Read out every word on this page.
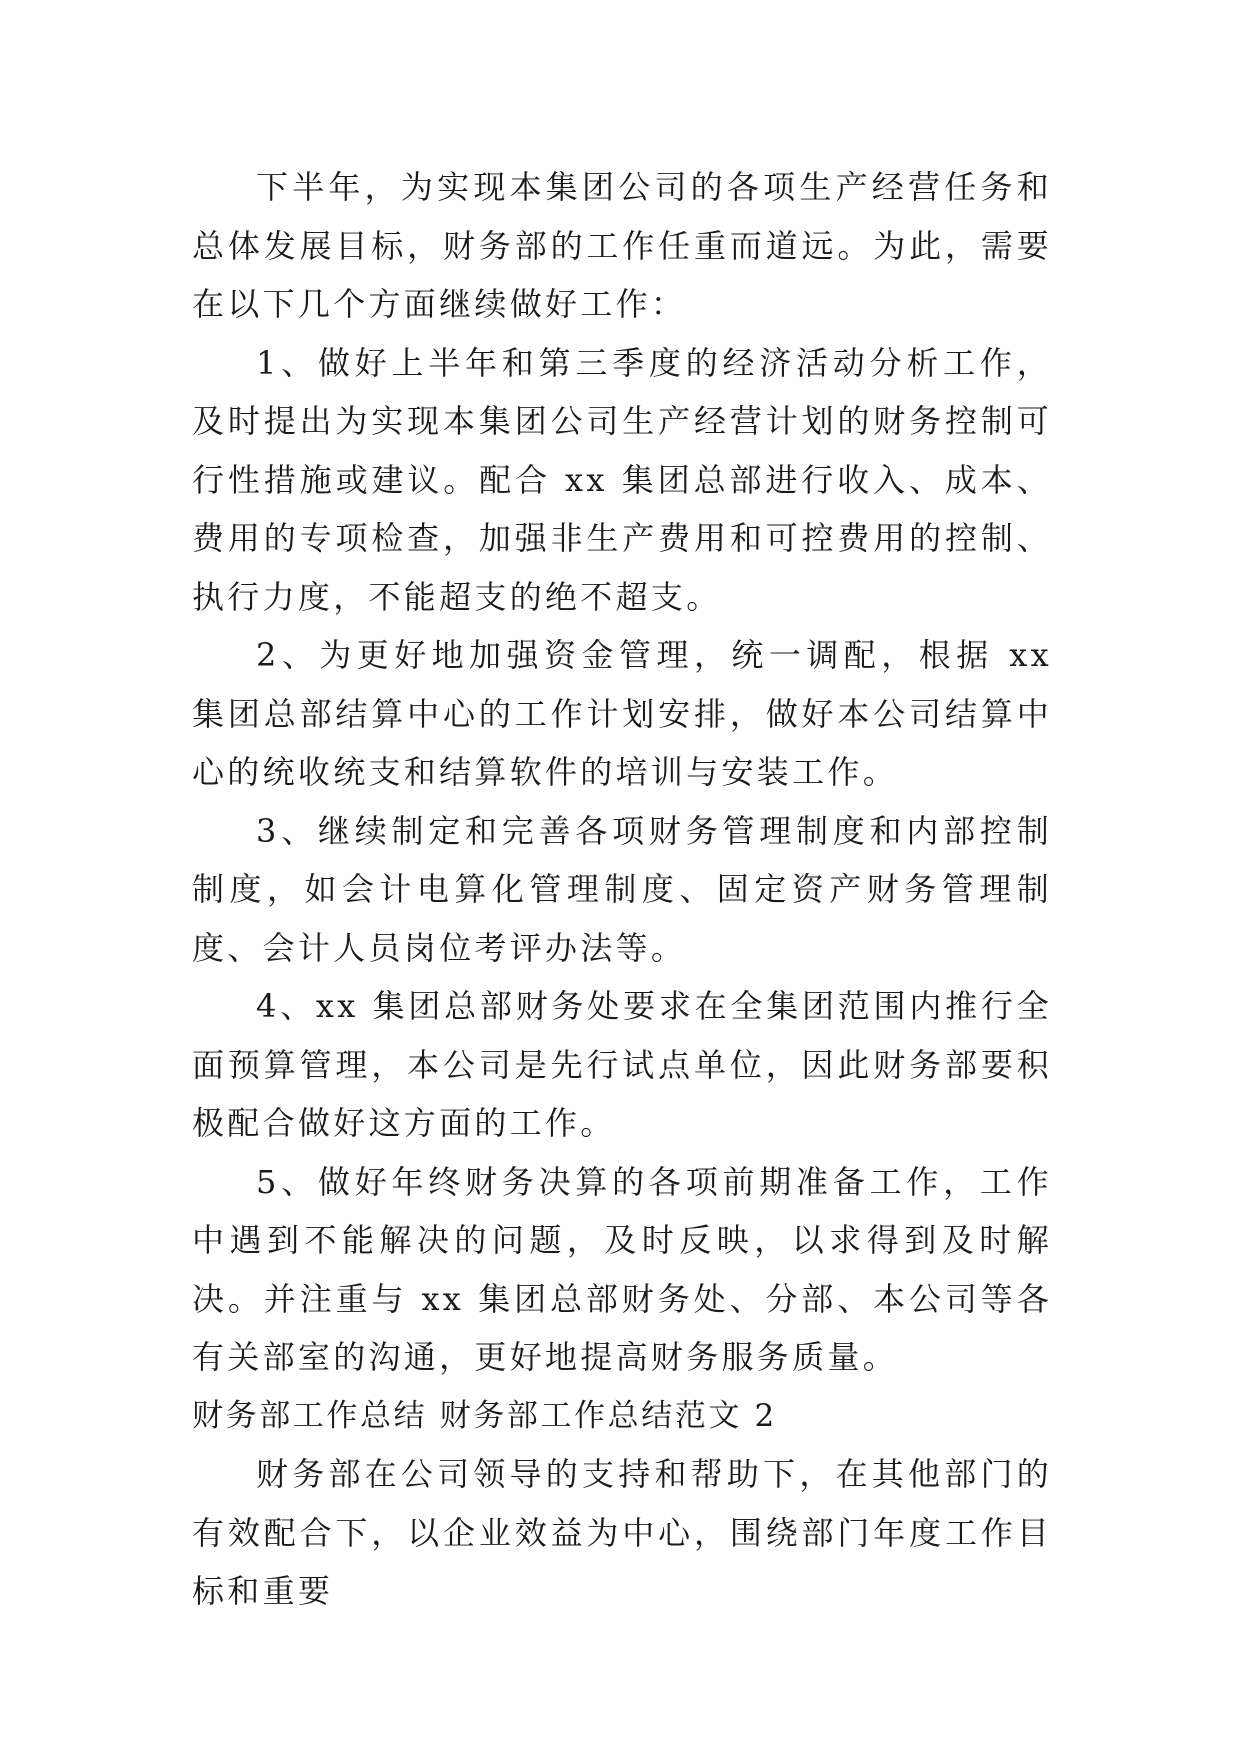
下半年，为实现本集团公司的各项生产经营任务和总体发展目标，财务部的工作任重而道远。为此，需要在以下几个方面继续做好工作：

1、做好上半年和第三季度的经济活动分析工作，及时提出为实现本集团公司生产经营计划的财务控制可行性措施或建议。配合 xx 集团总部进行收入、成本、费用的专项检查，加强非生产费用和可控费用的控制、执行力度，不能超支的绝不超支。

2、为更好地加强资金管理，统一调配，根据 xx 集团总部结算中心的工作计划安排，做好本公司结算中心的统收统支和结算软件的培训与安装工作。

3、继续制定和完善各项财务管理制度和内部控制制度，如会计电算化管理制度、固定资产财务管理制度、会计人员岗位考评办法等。

4、xx 集团总部财务处要求在全集团范围内推行全面预算管理，本公司是先行试点单位，因此财务部要积极配合做好这方面的工作。

5、做好年终财务决算的各项前期准备工作，工作中遇到不能解决的问题，及时反映，以求得到及时解决。并注重与 xx 集团总部财务处、分部、本公司等各有关部室的沟通，更好地提高财务服务质量。

财务部工作总结 财务部工作总结范文 2

财务部在公司领导的支持和帮助下，在其他部门的有效配合下，以企业效益为中心，围绕部门年度工作目标和重要
